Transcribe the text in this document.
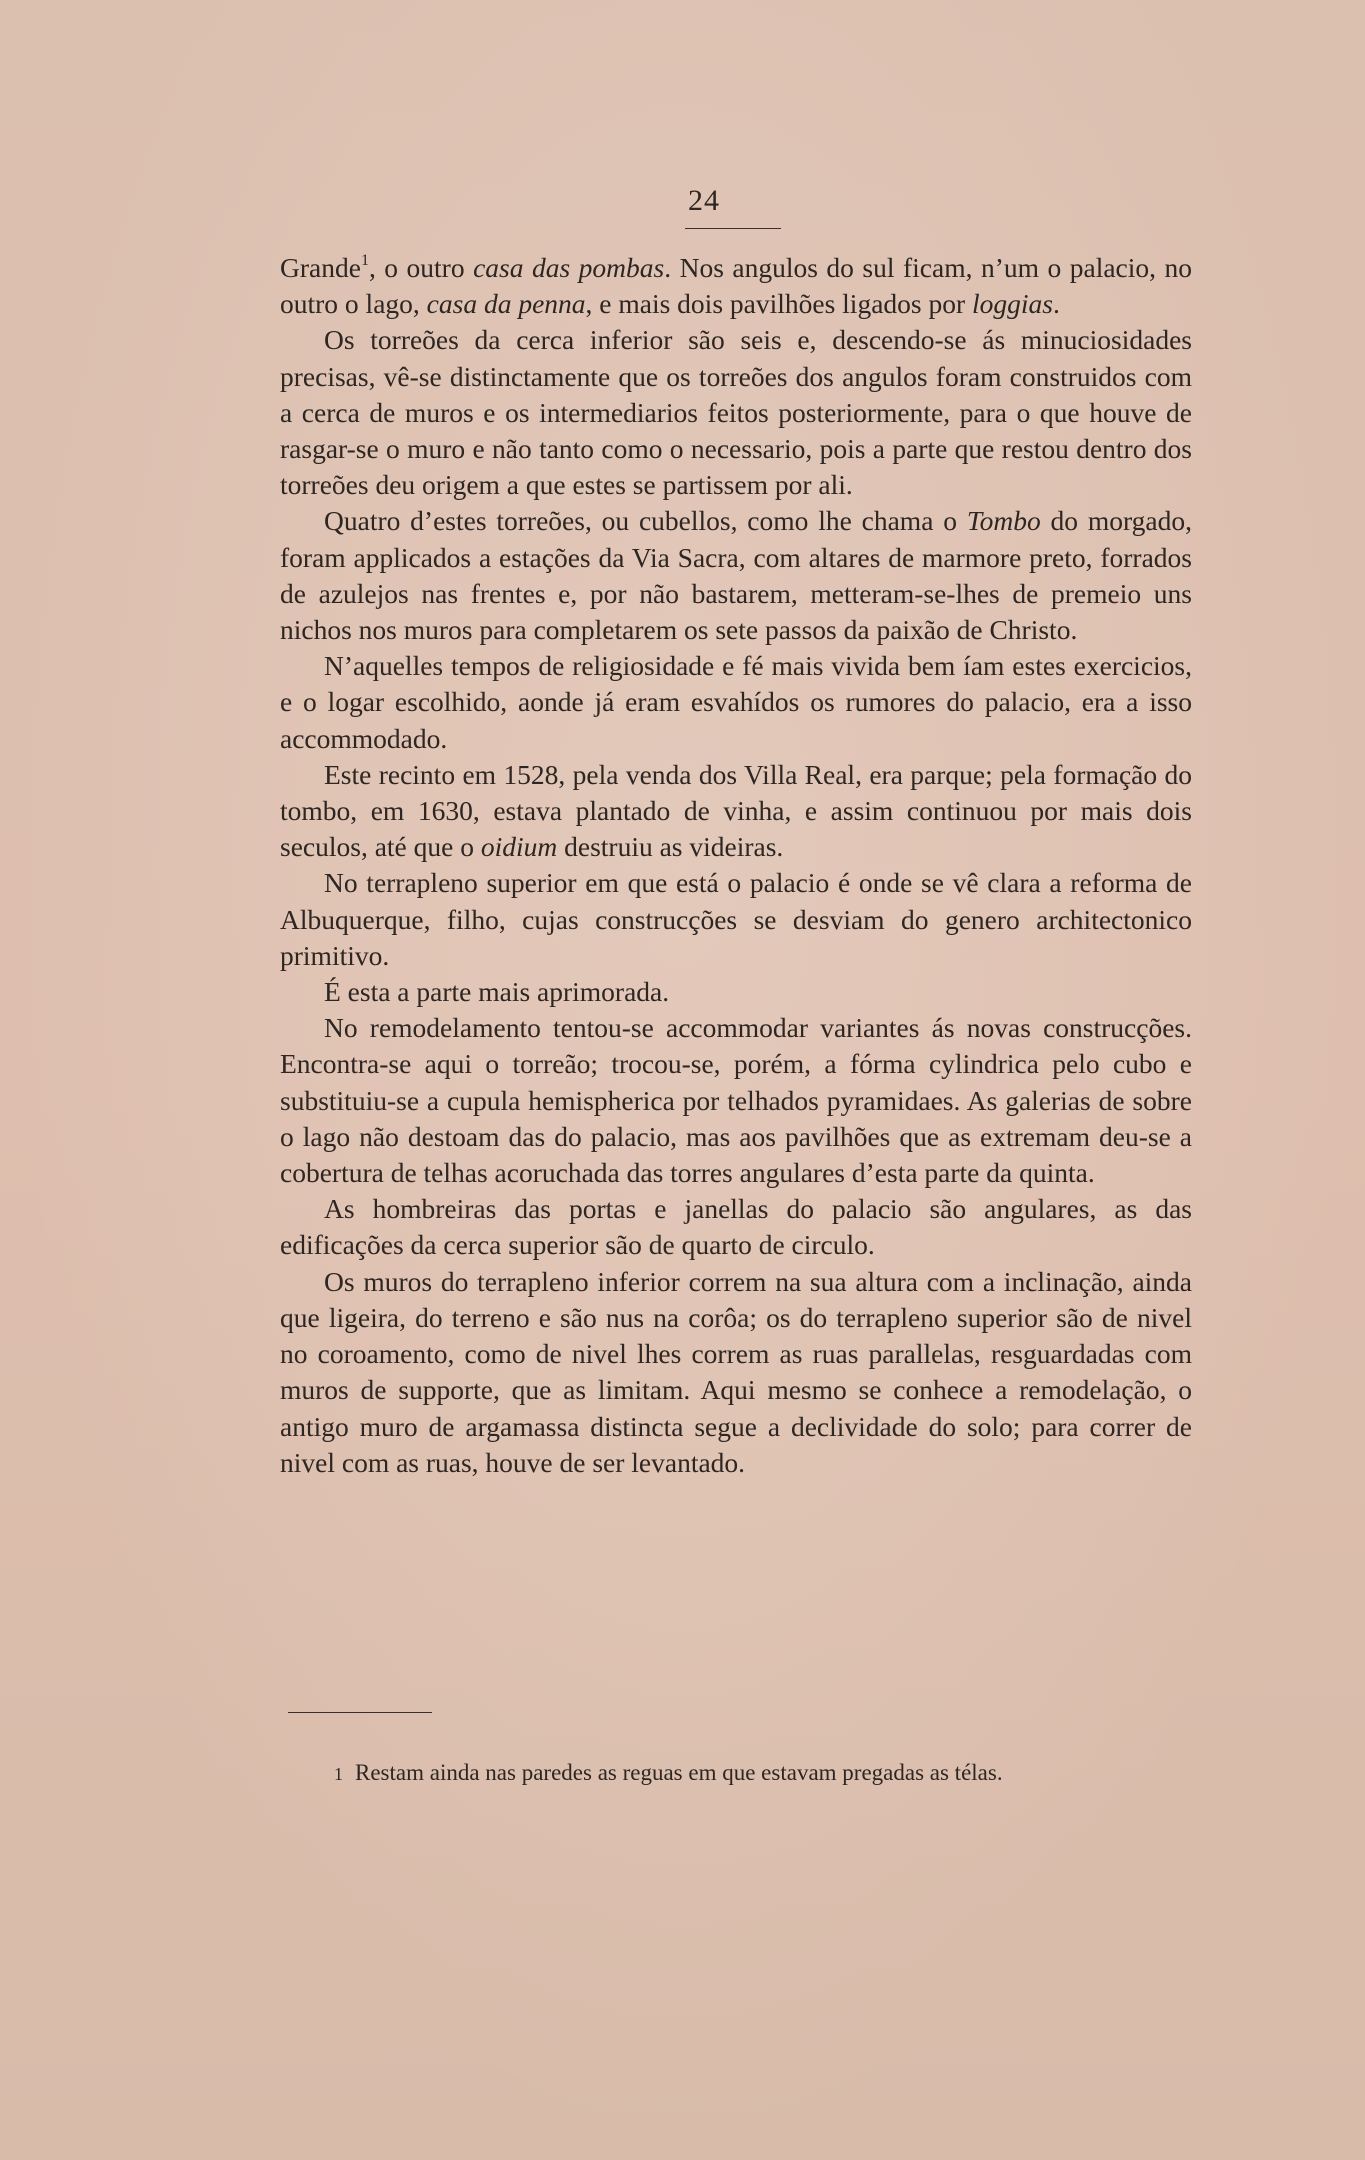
24

Grande$^1$, o outro casa das pombas. Nos angulos do sul ficam, n’um o palacio, no outro o lago, casa da penna, e mais dois pavilhões ligados por loggias.

Os torreões da cerca inferior são seis e, descendo-se ás minuciosidades precisas, vê-se distinctamente que os torreões dos angulos foram construidos com a cerca de muros e os intermediarios feitos posteriormente, para o que houve de rasgar-se o muro e não tanto como o necessario, pois a parte que restou dentro dos torreões deu origem a que estes se partissem por ali.

Quatro d’estes torreões, ou cubellos, como lhe chama o Tombo do morgado, foram applicados a estações da Via Sacra, com altares de marmore preto, forrados de azulejos nas frentes e, por não bastarem, metteram-se-lhes de premeio uns nichos nos muros para completarem os sete passos da paixão de Christo.

N’aquelles tempos de religiosidade e fé mais vivida bem íam estes exercicios, e o logar escolhido, aonde já eram esvahídos os rumores do palacio, era a isso accommodado.

Este recinto em 1528, pela venda dos Villa Real, era parque; pela formação do tombo, em 1630, estava plantado de vinha, e assim continuou por mais dois seculos, até que o oidium destruiu as videiras.

No terrapleno superior em que está o palacio é onde se vê clara a reforma de Albuquerque, filho, cujas construcções se desviam do genero architectonico primitivo.

É esta a parte mais aprimorada.

No remodelamento tentou-se accommodar variantes ás novas construcções. Encontra-se aqui o torreão; trocou-se, porém, a fórma cylindrica pelo cubo e substituiu-se a cupula hemispherica por telhados pyramidaes. As galerias de sobre o lago não destoam das do palacio, mas aos pavilhões que as extremam deu-se a cobertura de telhas acoruchada das torres angulares d’esta parte da quinta.

As hombreiras das portas e janellas do palacio são angulares, as das edificações da cerca superior são de quarto de circulo.

Os muros do terrapleno inferior correm na sua altura com a inclinação, ainda que ligeira, do terreno e são nus na corôa; os do terrapleno superior são de nivel no coroamento, como de nivel lhes correm as ruas parallelas, resguardadas com muros de supporte, que as limitam. Aqui mesmo se conhece a remodelação, o antigo muro de argamassa distincta segue a declividade do solo; para correr de nivel com as ruas, houve de ser levantado.

1 Restam ainda nas paredes as reguas em que estavam pregadas as télas.
